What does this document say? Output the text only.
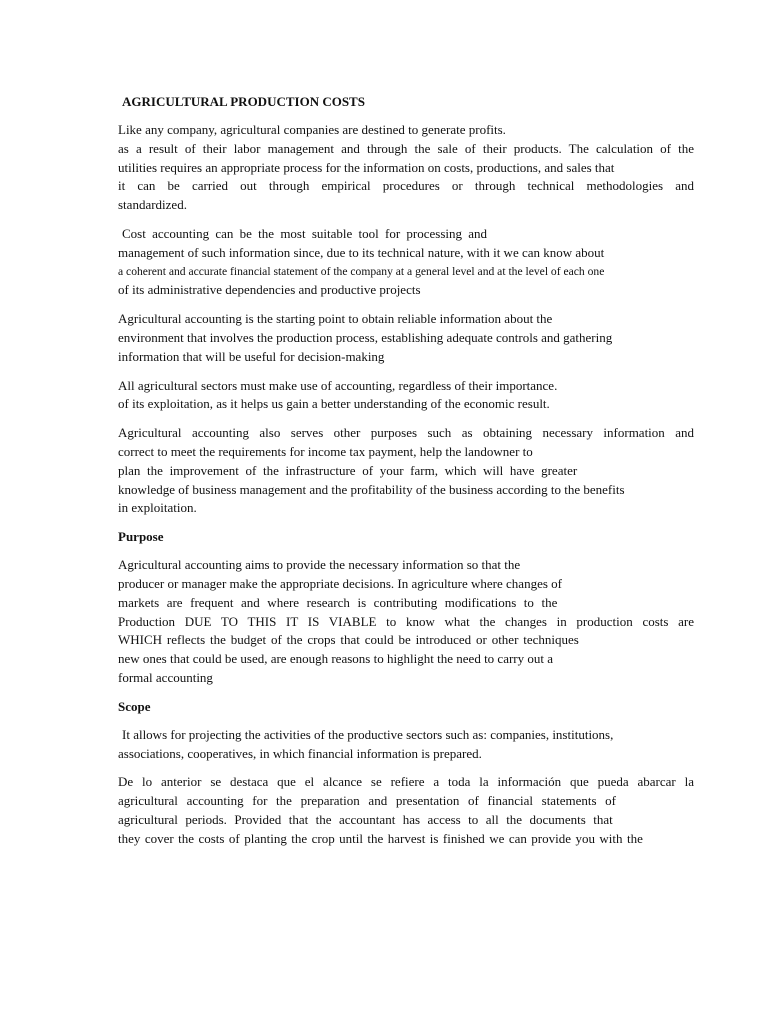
AGRICULTURAL PRODUCTION COSTS
Like any company, agricultural companies are destined to generate profits.
as a result of their labor management and through the sale of their products. The calculation of the
utilities requires an appropriate process for the information on costs, productions, and sales that
it can be carried out through empirical procedures or through technical methodologies and
standardized.
Cost accounting can be the most suitable tool for processing and
management of such information since, due to its technical nature, with it we can know about
a coherent and accurate financial statement of the company at a general level and at the level of each one
of its administrative dependencies and productive projects
Agricultural accounting is the starting point to obtain reliable information about the
environment that involves the production process, establishing adequate controls and gathering
information that will be useful for decision-making
All agricultural sectors must make use of accounting, regardless of their importance.
of its exploitation, as it helps us gain a better understanding of the economic result.
Agricultural accounting also serves other purposes such as obtaining necessary information and
correct to meet the requirements for income tax payment, help the landowner to
plan the improvement of the infrastructure of your farm, which will have greater
knowledge of business management and the profitability of the business according to the benefits
in exploitation.
Purpose
Agricultural accounting aims to provide the necessary information so that the
producer or manager make the appropriate decisions. In agriculture where changes of
markets are frequent and where research is contributing modifications to the
Production DUE TO THIS IT IS VIABLE to know what the changes in production costs are
WHICH reflects the budget of the crops that could be introduced or other techniques
new ones that could be used, are enough reasons to highlight the need to carry out a
formal accounting
Scope
It allows for projecting the activities of the productive sectors such as: companies, institutions,
associations, cooperatives, in which financial information is prepared.
De lo anterior se destaca que el alcance se refiere a toda la información que pueda abarcar la
agricultural accounting for the preparation and presentation of financial statements of
agricultural periods. Provided that the accountant has access to all the documents that
they cover the costs of planting the crop until the harvest is finished we can provide you with the
